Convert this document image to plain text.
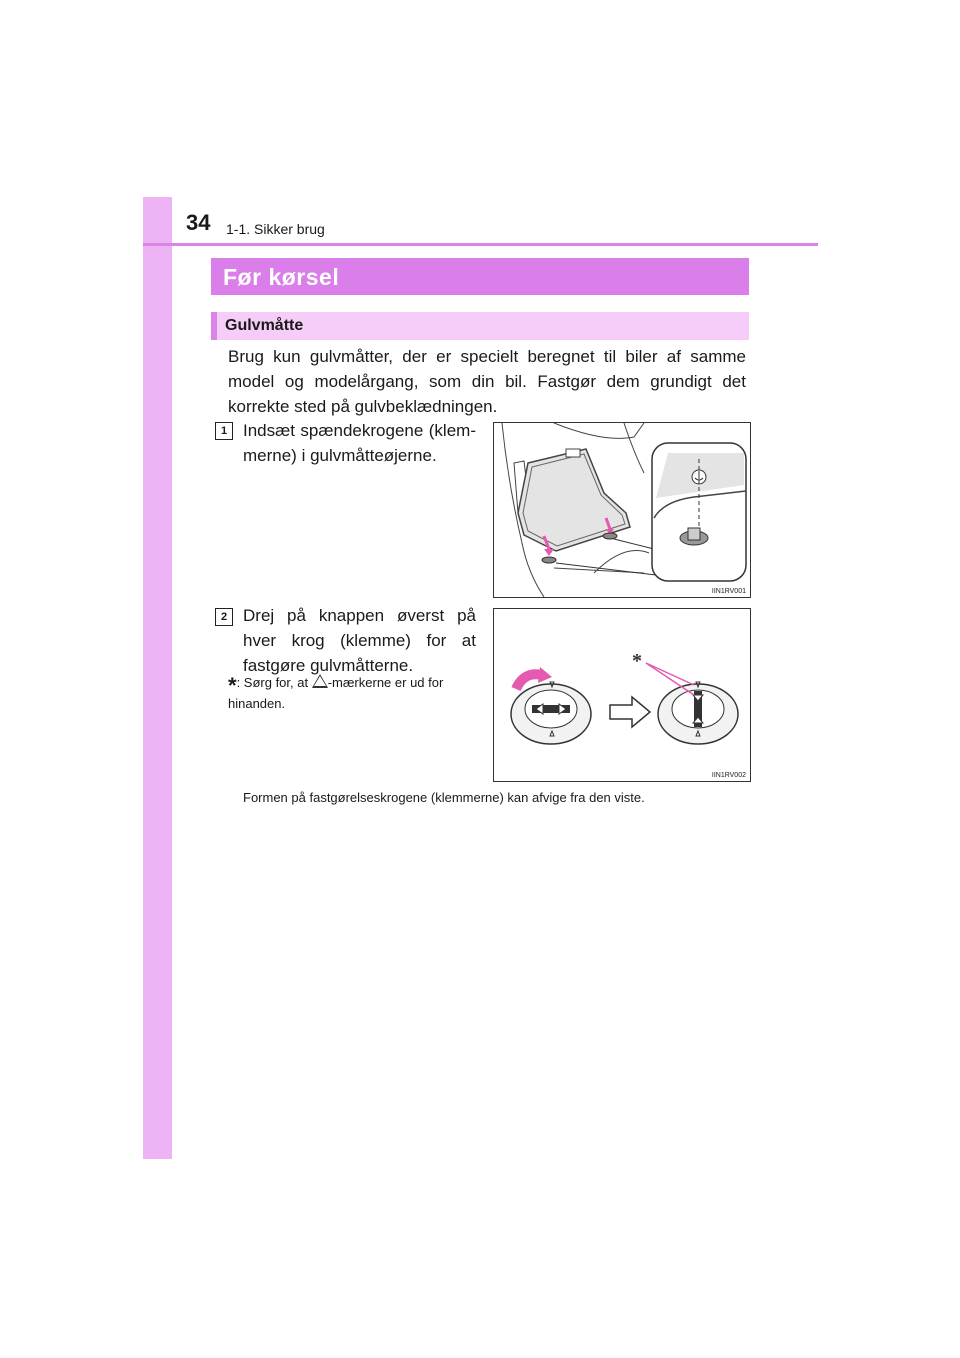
34 1-1. Sikker brug
Før kørsel
Gulvmåtte
Brug kun gulvmåtter, der er specielt beregnet til biler af samme model og modelårgang, som din bil. Fastgør dem grundigt det korrekte sted på gulvbeklædningen.
1 Indsæt spændekrogene (klem-merne) i gulvmåtteøjerne.
IIN1RV001
2 Drej på knappen øverst på hver krog (klemme) for at fastgøre gulvmåtterne.
*: Sørg for, at -mærkerne er ud for hinanden.
*
IIN1RV002
Formen på fastgørelseskrogene (klemmerne) kan afvige fra den viste.
